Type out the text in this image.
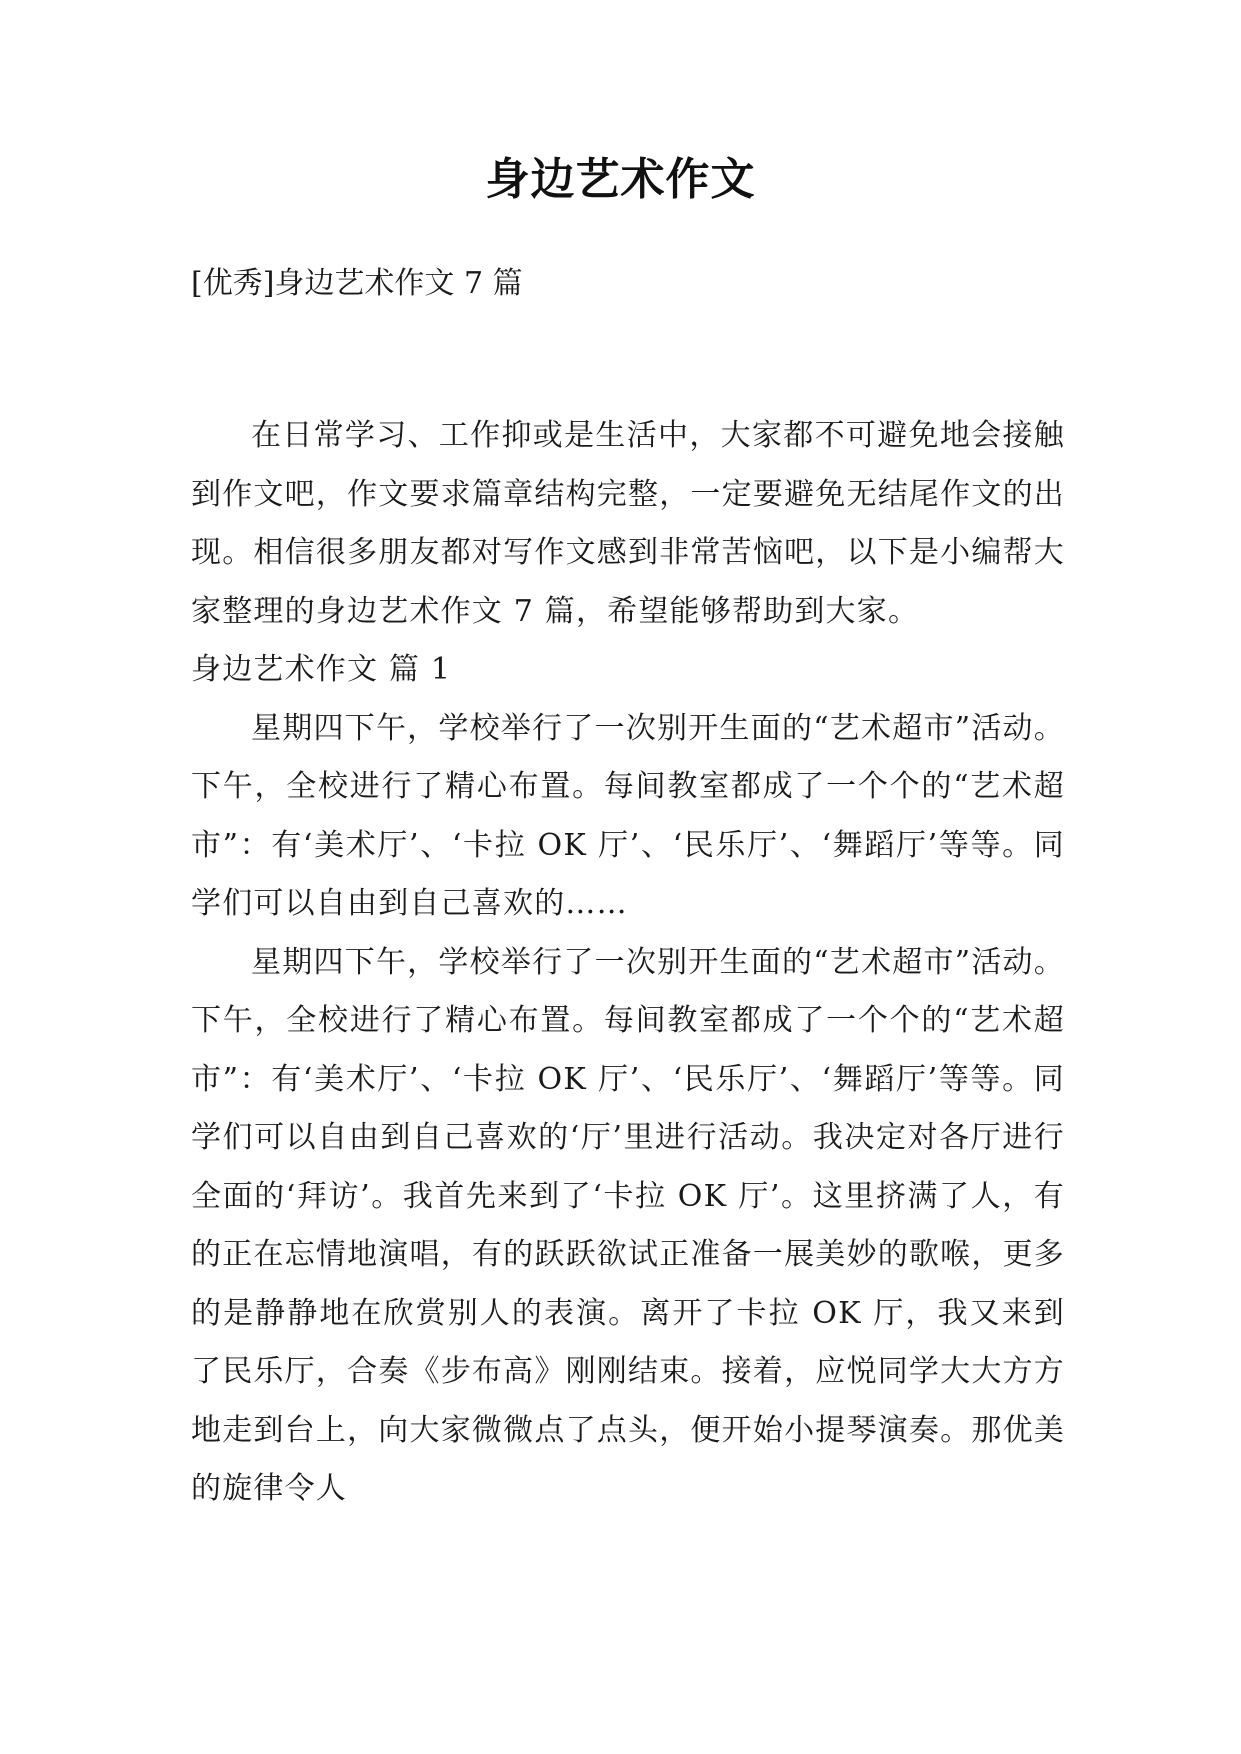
身边艺术作文
[优秀]身边艺术作文 7 篇

在日常学习、工作抑或是生活中，大家都不可避免地会接触到作文吧，作文要求篇章结构完整，一定要避免无结尾作文的出现。相信很多朋友都对写作文感到非常苦恼吧，以下是小编帮大家整理的身边艺术作文 7 篇，希望能够帮助到大家。

身边艺术作文 篇 1

星期四下午，学校举行了一次别开生面的“艺术超市”活动。下午，全校进行了精心布置。每间教室都成了一个个的“艺术超市”：有‘美术厅’、‘卡拉 OK 厅’、‘民乐厅’、‘舞蹈厅’等等。同学们可以自由到自己喜欢的……

星期四下午，学校举行了一次别开生面的“艺术超市”活动。下午，全校进行了精心布置。每间教室都成了一个个的“艺术超市”：有‘美术厅’、‘卡拉 OK 厅’、‘民乐厅’、‘舞蹈厅’等等。同学们可以自由到自己喜欢的‘厅’里进行活动。我决定对各厅进行全面的‘拜访’。我首先来到了‘卡拉 OK 厅’。这里挤满了人，有的正在忘情地演唱，有的跃跃欲试正准备一展美妙的歌喉，更多的是静静地在欣赏别人的表演。离开了卡拉 OK 厅，我又来到了民乐厅，合奏《步布高》刚刚结束。接着，应悦同学大大方方地走到台上，向大家微微点了点头，便开始小提琴演奏。那优美的旋律令人
